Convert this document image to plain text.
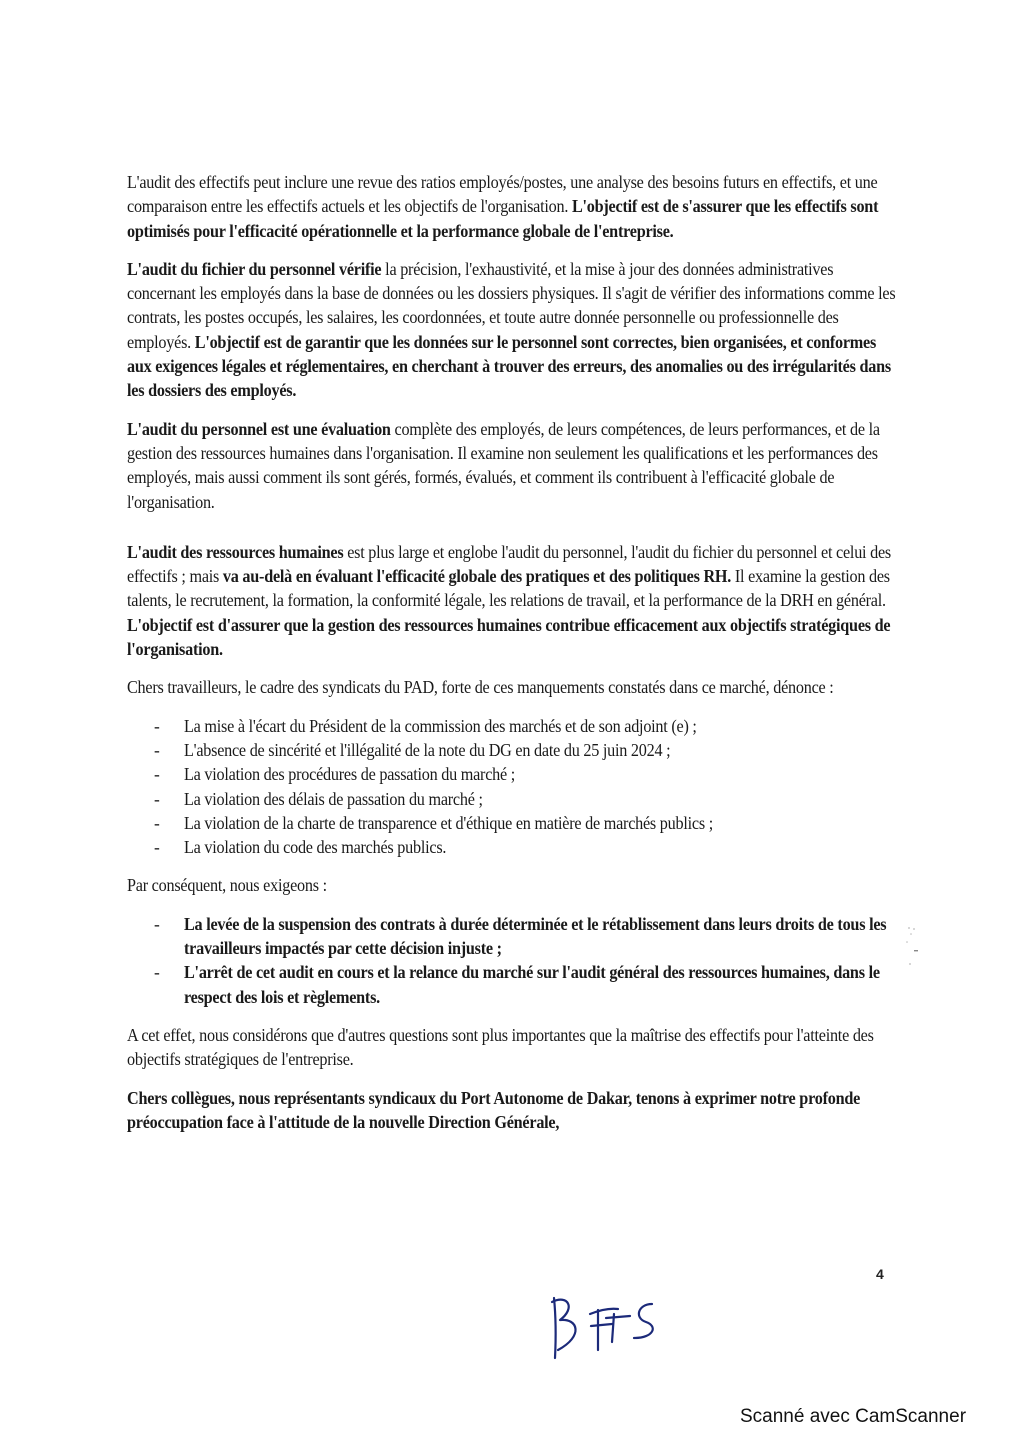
L'audit des effectifs peut inclure une revue des ratios employés/postes, une analyse des besoins futurs en effectifs, et une comparaison entre les effectifs actuels et les objectifs de l'organisation. L'objectif est de s'assurer que les effectifs sont optimisés pour l'efficacité opérationnelle et la performance globale de l'entreprise.

L'audit du fichier du personnel vérifie la précision, l'exhaustivité, et la mise à jour des données administratives concernant les employés dans la base de données ou les dossiers physiques. Il s'agit de vérifier des informations comme les contrats, les postes occupés, les salaires, les coordonnées, et toute autre donnée personnelle ou professionnelle des employés. L'objectif est de garantir que les données sur le personnel sont correctes, bien organisées, et conformes aux exigences légales et réglementaires, en cherchant à trouver des erreurs, des anomalies ou des irrégularités dans les dossiers des employés.

L'audit du personnel est une évaluation complète des employés, de leurs compétences, de leurs performances, et de la gestion des ressources humaines dans l'organisation. Il examine non seulement les qualifications et les performances des employés, mais aussi comment ils sont gérés, formés, évalués, et comment ils contribuent à l'efficacité globale de l'organisation.

L'audit des ressources humaines est plus large et englobe l'audit du personnel, l'audit du fichier du personnel et celui des effectifs ; mais va au-delà en évaluant l'efficacité globale des pratiques et des politiques RH. Il examine la gestion des talents, le recrutement, la formation, la conformité légale, les relations de travail, et la performance de la DRH en général. L'objectif est d'assurer que la gestion des ressources humaines contribue efficacement aux objectifs stratégiques de l'organisation.

Chers travailleurs, le cadre des syndicats du PAD, forte de ces manquements constatés dans ce marché, dénonce :

- La mise à l'écart du Président de la commission des marchés et de son adjoint (e) ;
- L'absence de sincérité et l'illégalité de la note du DG en date du 25 juin 2024 ;
- La violation des procédures de passation du marché ;
- La violation des délais de passation du marché ;
- La violation de la charte de transparence et d'éthique en matière de marchés publics ;
- La violation du code des marchés publics.

Par conséquent, nous exigeons :

- La levée de la suspension des contrats à durée déterminée et le rétablissement dans leurs droits de tous les travailleurs impactés par cette décision injuste ;
- L'arrêt de cet audit en cours et la relance du marché sur l'audit général des ressources humaines, dans le respect des lois et règlements.

A cet effet, nous considérons que d'autres questions sont plus importantes que la maîtrise des effectifs pour l'atteinte des objectifs stratégiques de l'entreprise.

Chers collègues, nous représentants syndicaux du Port Autonome de Dakar, tenons à exprimer notre profonde préoccupation face à l'attitude de la nouvelle Direction Générale,

4
Scanné avec CamScanner
